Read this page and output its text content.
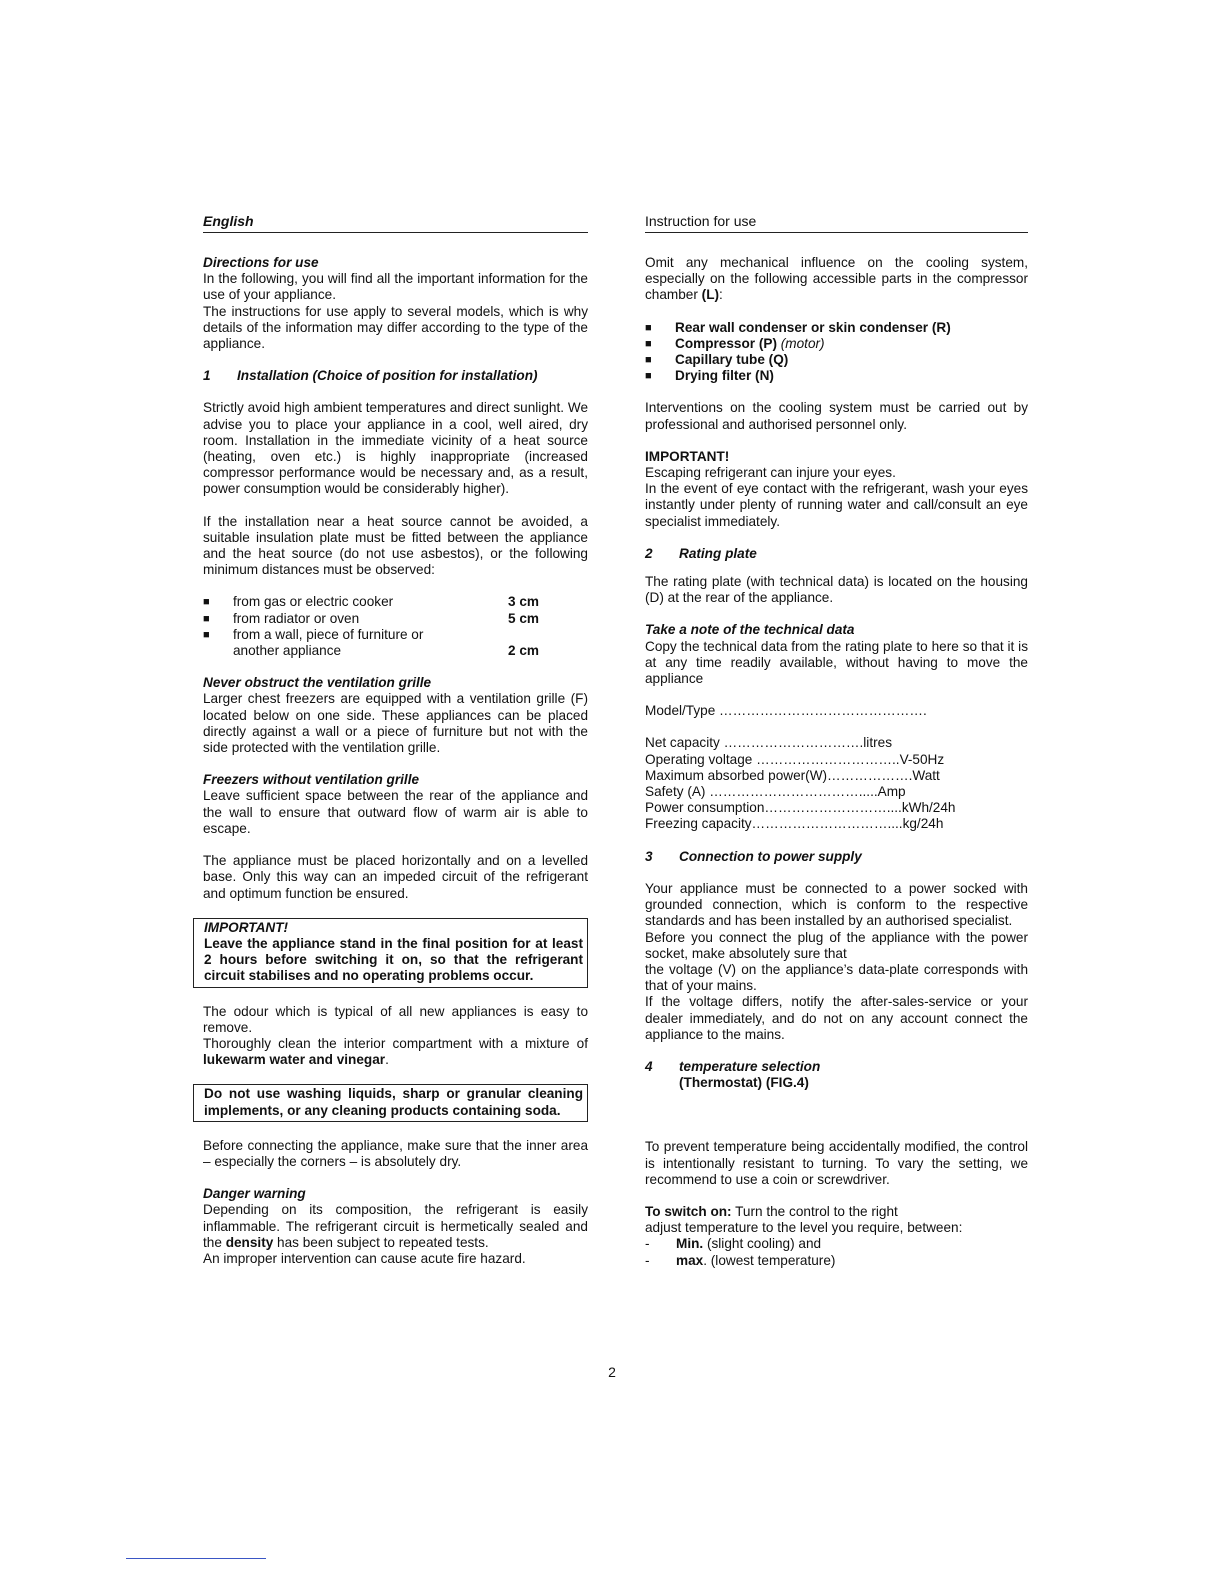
English

Directions for use

In the following, you will find all the important information for the use of your appliance.

The instructions for use apply to several models, which is why details of the information may differ according to the type of the appliance.

1	Installation (Choice of position for installation)

Strictly avoid high ambient temperatures and direct sunlight. We advise you to place your appliance in a cool, well aired, dry room. Installation in the immediate vicinity of a heat source (heating, oven etc.) is highly inappropriate (increased compressor performance would be necessary and, as a result, power consumption would be considerably higher).

If the installation near a heat source cannot be avoided, a suitable insulation plate must be fitted between the appliance and the heat source (do not use asbestos), or the following minimum distances must be observed:

■	from gas or electric cooker	3 cm
■	from radiator or oven	5 cm
■	from a wall, piece of furniture or
another appliance	2 cm

Never obstruct the ventilation grille

Larger chest freezers are equipped with a ventilation grille (F) located below on one side. These appliances can be placed directly against a wall or a piece of furniture but not with the side protected with the ventilation grille.

Freezers without ventilation grille

Leave sufficient space between the rear of the appliance and the wall to ensure that outward flow of warm air is able to escape.

The appliance must be placed horizontally and on a levelled base. Only this way can an impeded circuit of the refrigerant and optimum function be ensured.

IMPORTANT!

Leave the appliance stand in the final position for at least 2 hours before switching it on, so that the refrigerant circuit stabilises and no operating problems occur.

The odour which is typical of all new appliances is easy to remove.

Thoroughly clean the interior compartment with a mixture of lukewarm water and vinegar.

Do not use washing liquids, sharp or granular cleaning implements, or any cleaning products containing soda.

Before connecting the appliance, make sure that the inner area – especially the corners – is absolutely dry.

Danger warning

Depending on its composition, the refrigerant is easily inflammable. The refrigerant circuit is hermetically sealed and the density has been subject to repeated tests.

An improper intervention can cause acute fire hazard.

Instruction for use

Omit any mechanical influence on the cooling system, especially on the following accessible parts in the compressor chamber (L):

■	Rear wall condenser or skin condenser (R)
■	Compressor (P) (motor)
■	Capillary tube (Q)
■	Drying filter (N)

Interventions on the cooling system must be carried out by professional and authorised personnel only.

IMPORTANT!

Escaping refrigerant can injure your eyes.

In the event of eye contact with the refrigerant, wash your eyes instantly under plenty of running water and call/consult an eye specialist immediately.

2	Rating plate

The rating plate (with technical data) is located on the housing (D) at the rear of the appliance.

Take a note of the technical data

Copy the technical data from the rating plate to here so that it is at any time readily available, without having to move the appliance

Model/Type ……………………………………….

Net capacity ………………………….litres
Operating voltage …………………………..V-50Hz
Maximum absorbed power(W)……………….Watt
Safety (A) …………………………….....Amp
Power consumption………………………....kWh/24h
Freezing capacity…………………………....kg/24h
3	Connection to power supply

Your appliance must be connected to a power socked with grounded connection, which is conform to the respective standards and has been installed by an authorised specialist.

Before you connect the plug of the appliance with the power socket, make absolutely sure that

the voltage (V) on the appliance’s data-plate corresponds with that of your mains.

If the voltage differs, notify the after-sales-service or your dealer immediately, and do not on any account connect the appliance to the mains.

4	temperature selection
(Thermostat) (FIG.4)

To prevent temperature being accidentally modified, the control is intentionally resistant to turning. To vary the setting, we recommend to use a coin or screwdriver.

To switch on: Turn the control to the right

adjust temperature to the level you require, between:

-	Min. (slight cooling) and
-	max. (lowest temperature)
2
